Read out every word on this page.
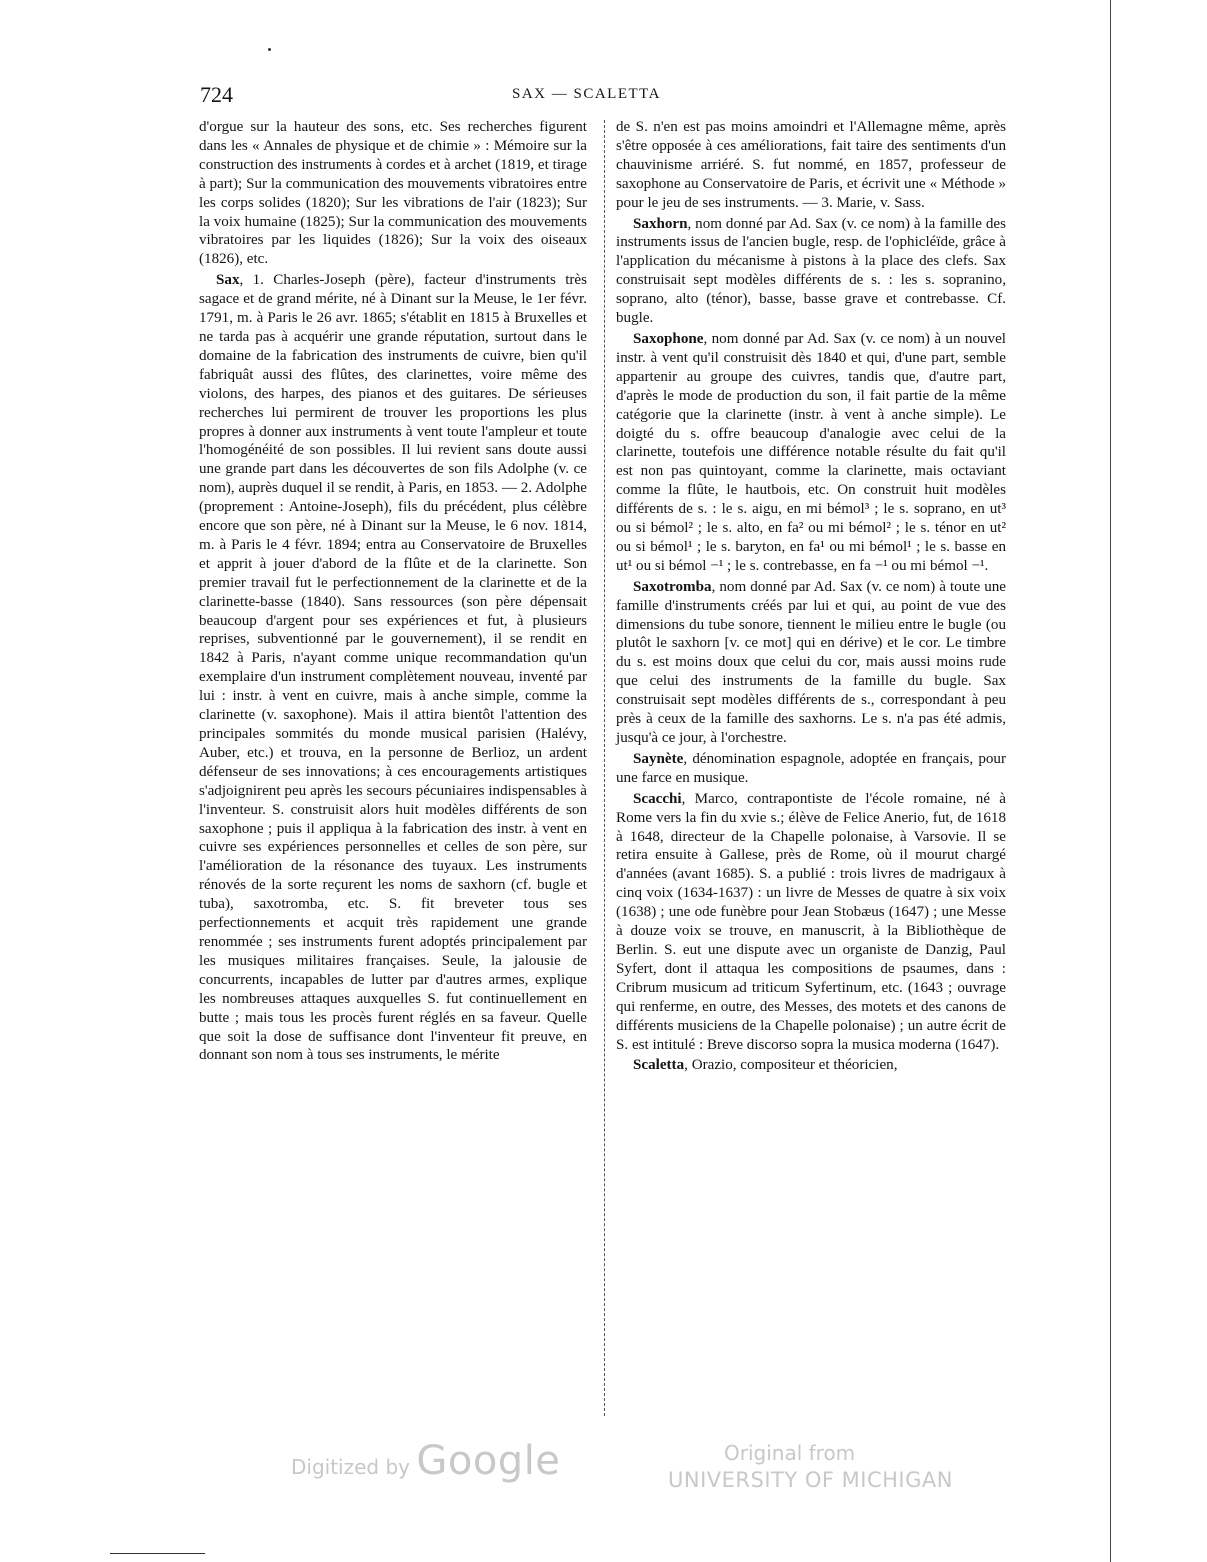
724	SAX — SCALETTA

d'orgue sur la hauteur des sons, etc. Ses recherches figurent dans les « Annales de physique et de chimie » : Mémoire sur la construction des instruments à cordes et à archet (1819, et tirage à part); Sur la communication des mouvements vibratoires entre les corps solides (1820); Sur les vibrations de l'air (1823); Sur la voix humaine (1825); Sur la communication des mouvements vibratoires par les liquides (1826); Sur la voix des oiseaux (1826), etc.

Sax, 1. Charles-Joseph (père), facteur d'instruments très sagace et de grand mérite, né à Dinant sur la Meuse, le 1er févr. 1791, m. à Paris le 26 avr. 1865; s'établit en 1815 à Bruxelles et ne tarda pas à acquérir une grande réputation, surtout dans le domaine de la fabrication des instruments de cuivre, bien qu'il fabriquât aussi des flûtes, des clarinettes, voire même des violons, des harpes, des pianos et des guitares. De sérieuses recherches lui permirent de trouver les proportions les plus propres à donner aux instruments à vent toute l'ampleur et toute l'homogénéité de son possibles. Il lui revient sans doute aussi une grande part dans les découvertes de son fils Adolphe (v. ce nom), auprès duquel il se rendit, à Paris, en 1853. — 2. Adolphe (proprement : Antoine-Joseph), fils du précédent, plus célèbre encore que son père, né à Dinant sur la Meuse, le 6 nov. 1814, m. à Paris le 4 févr. 1894; entra au Conservatoire de Bruxelles et apprit à jouer d'abord de la flûte et de la clarinette. Son premier travail fut le perfectionnement de la clarinette et de la clarinette-basse (1840). Sans ressources (son père dépensait beaucoup d'argent pour ses expériences et fut, à plusieurs reprises, subventionné par le gouvernement), il se rendit en 1842 à Paris, n'ayant comme unique recommandation qu'un exemplaire d'un instrument complètement nouveau, inventé par lui : instr. à vent en cuivre, mais à anche simple, comme la clarinette (v. saxophone). Mais il attira bientôt l'attention des principales sommités du monde musical parisien (Halévy, Auber, etc.) et trouva, en la personne de Berlioz, un ardent défenseur de ses innovations; à ces encouragements artistiques s'adjoignirent peu après les secours pécuniaires indispensables à l'inventeur. S. construisit alors huit modèles différents de son saxophone ; puis il appliqua à la fabrication des instr. à vent en cuivre ses expériences personnelles et celles de son père, sur l'amélioration de la résonance des tuyaux. Les instruments rénovés de la sorte reçurent les noms de saxhorn (cf. bugle et tuba), saxotromba, etc. S. fit breveter tous ses perfectionnements et acquit très rapidement une grande renommée ; ses instruments furent adoptés principalement par les musiques militaires françaises. Seule, la jalousie de concurrents, incapables de lutter par d'autres armes, explique les nombreuses attaques auxquelles S. fut continuellement en butte ; mais tous les procès furent réglés en sa faveur. Quelle que soit la dose de suffisance dont l'inventeur fit preuve, en donnant son nom à tous ses instruments, le mérite

de S. n'en est pas moins amoindri et l'Allemagne même, après s'être opposée à ces améliorations, fait taire des sentiments d'un chauvinisme arriéré. S. fut nommé, en 1857, professeur de saxophone au Conservatoire de Paris, et écrivit une « Méthode » pour le jeu de ses instruments. — 3. Marie, v. Sass.

Saxhorn, nom donné par Ad. Sax (v. ce nom) à la famille des instruments issus de l'ancien bugle, resp. de l'ophicléïde, grâce à l'application du mécanisme à pistons à la place des clefs. Sax construisait sept modèles différents de s. : les s. sopranino, soprano, alto (ténor), basse, basse grave et contrebasse. Cf. bugle.

Saxophone, nom donné par Ad. Sax (v. ce nom) à un nouvel instr. à vent qu'il construisit dès 1840 et qui, d'une part, semble appartenir au groupe des cuivres, tandis que, d'autre part, d'après le mode de production du son, il fait partie de la même catégorie que la clarinette (instr. à vent à anche simple). Le doigté du s. offre beaucoup d'analogie avec celui de la clarinette, toutefois une différence notable résulte du fait qu'il est non pas quintoyant, comme la clarinette, mais octaviant comme la flûte, le hautbois, etc. On construit huit modèles différents de s. : le s. aigu, en mi bémol³ ; le s. soprano, en ut³ ou si bémol² ; le s. alto, en fa² ou mi bémol² ; le s. ténor en ut² ou si bémol¹ ; le s. baryton, en fa¹ ou mi bémol¹ ; le s. basse en ut¹ ou si bémol −¹ ; le s. contrebasse, en fa −¹ ou mi bémol −¹.

Saxotromba, nom donné par Ad. Sax (v. ce nom) à toute une famille d'instruments créés par lui et qui, au point de vue des dimensions du tube sonore, tiennent le milieu entre le bugle (ou plutôt le saxhorn [v. ce mot] qui en dérive) et le cor. Le timbre du s. est moins doux que celui du cor, mais aussi moins rude que celui des instruments de la famille du bugle. Sax construisait sept modèles différents de s., correspondant à peu près à ceux de la famille des saxhorns. Le s. n'a pas été admis, jusqu'à ce jour, à l'orchestre.

Saynète, dénomination espagnole, adoptée en français, pour une farce en musique.

Scacchi, Marco, contrapontiste de l'école romaine, né à Rome vers la fin du xvie s.; élève de Felice Anerio, fut, de 1618 à 1648, directeur de la Chapelle polonaise, à Varsovie. Il se retira ensuite à Gallese, près de Rome, où il mourut chargé d'années (avant 1685). S. a publié : trois livres de madrigaux à cinq voix (1634-1637) : un livre de Messes de quatre à six voix (1638) ; une ode funèbre pour Jean Stobæus (1647) ; une Messe à douze voix se trouve, en manuscrit, à la Bibliothèque de Berlin. S. eut une dispute avec un organiste de Danzig, Paul Syfert, dont il attaqua les compositions de psaumes, dans : Cribrum musicum ad triticum Syfertinum, etc. (1643 ; ouvrage qui renferme, en outre, des Messes, des motets et des canons de différents musiciens de la Chapelle polonaise) ; un autre écrit de S. est intitulé : Breve discorso sopra la musica moderna (1647).

Scaletta, Orazio, compositeur et théoricien,

Digitized by Google	Original from
UNIVERSITY OF MICHIGAN
